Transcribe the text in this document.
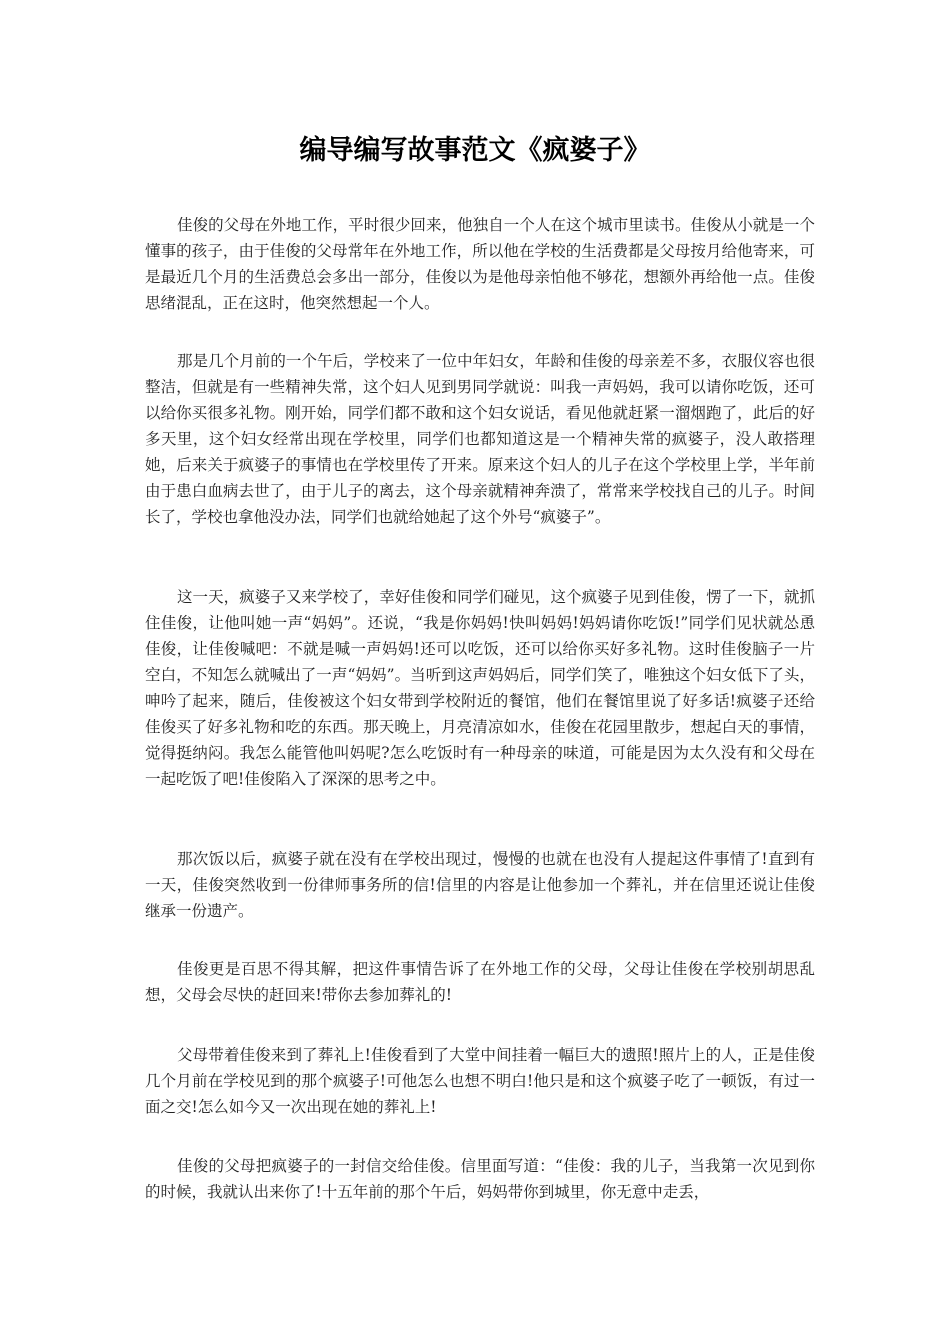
编导编写故事范文《疯婆子》

佳俊的父母在外地工作，平时很少回来，他独自一个人在这个城市里读书。佳俊从小就是一个懂事的孩子，由于佳俊的父母常年在外地工作，所以他在学校的生活费都是父母按月给他寄来，可是最近几个月的生活费总会多出一部分，佳俊以为是他母亲怕他不够花，想额外再给他一点。佳俊思绪混乱，正在这时，他突然想起一个人。

那是几个月前的一个午后，学校来了一位中年妇女，年龄和佳俊的母亲差不多，衣服仪容也很整洁，但就是有一些精神失常，这个妇人见到男同学就说：叫我一声妈妈，我可以请你吃饭，还可以给你买很多礼物。刚开始，同学们都不敢和这个妇女说话，看见他就赶紧一溜烟跑了，此后的好多天里，这个妇女经常出现在学校里，同学们也都知道这是一个精神失常的疯婆子，没人敢搭理她，后来关于疯婆子的事情也在学校里传了开来。原来这个妇人的儿子在这个学校里上学，半年前由于患白血病去世了，由于儿子的离去，这个母亲就精神奔溃了，常常来学校找自己的儿子。时间长了，学校也拿他没办法，同学们也就给她起了这个外号“疯婆子”。

这一天，疯婆子又来学校了，幸好佳俊和同学们碰见，这个疯婆子见到佳俊，愣了一下，就抓住佳俊，让他叫她一声“妈妈”。还说，“我是你妈妈!快叫妈妈!妈妈请你吃饭!”同学们见状就怂恿佳俊，让佳俊喊吧：不就是喊一声妈妈!还可以吃饭，还可以给你买好多礼物。这时佳俊脑子一片空白，不知怎么就喊出了一声“妈妈”。当听到这声妈妈后，同学们笑了，唯独这个妇女低下了头，呻吟了起来，随后，佳俊被这个妇女带到学校附近的餐馆，他们在餐馆里说了好多话!疯婆子还给佳俊买了好多礼物和吃的东西。那天晚上，月亮清凉如水，佳俊在花园里散步，想起白天的事情，觉得挺纳闷。我怎么能管他叫妈呢?怎么吃饭时有一种母亲的味道，可能是因为太久没有和父母在一起吃饭了吧!佳俊陷入了深深的思考之中。

那次饭以后，疯婆子就在没有在学校出现过，慢慢的也就在也没有人提起这件事情了!直到有一天，佳俊突然收到一份律师事务所的信!信里的内容是让他参加一个葬礼，并在信里还说让佳俊继承一份遗产。

佳俊更是百思不得其解，把这件事情告诉了在外地工作的父母，父母让佳俊在学校别胡思乱想，父母会尽快的赶回来!带你去参加葬礼的!

父母带着佳俊来到了葬礼上!佳俊看到了大堂中间挂着一幅巨大的遗照!照片上的人，正是佳俊几个月前在学校见到的那个疯婆子!可他怎么也想不明白!他只是和这个疯婆子吃了一顿饭，有过一面之交!怎么如今又一次出现在她的葬礼上!

佳俊的父母把疯婆子的一封信交给佳俊。信里面写道：“佳俊：我的儿子，当我第一次见到你的时候，我就认出来你了!十五年前的那个午后，妈妈带你到城里，你无意中走丢，
